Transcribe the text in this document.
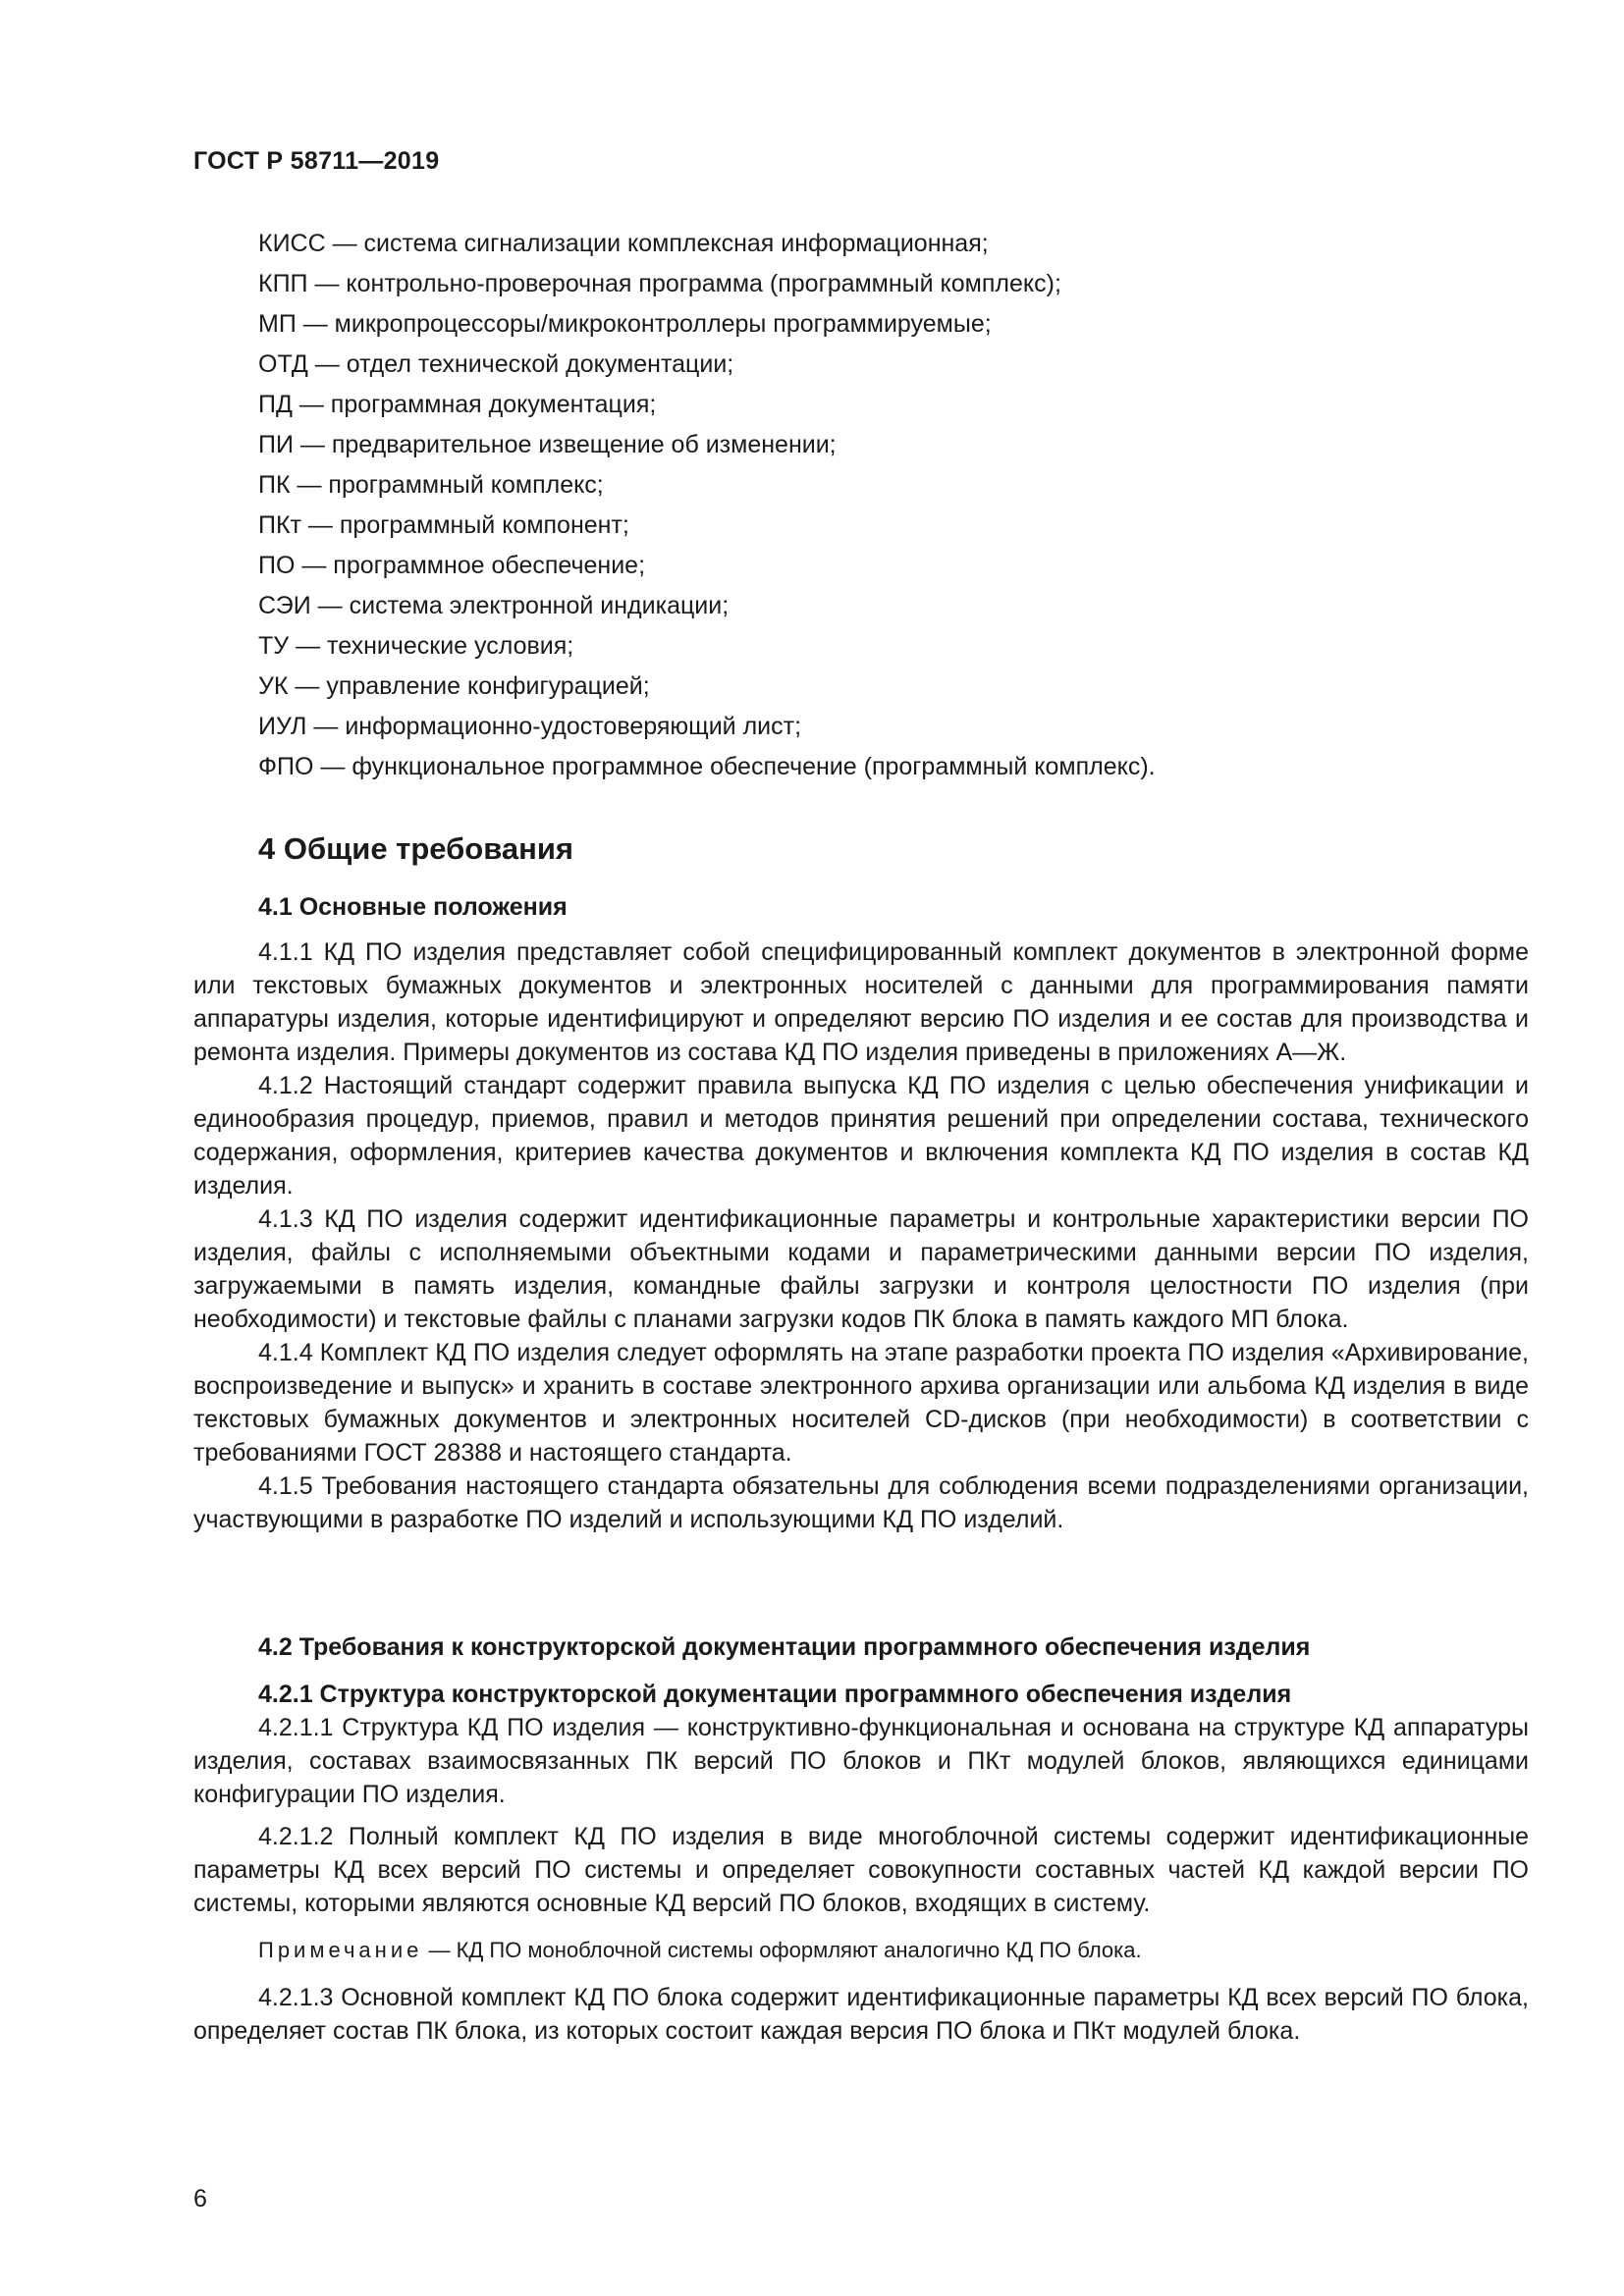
ГОСТ Р 58711—2019
КИСС — система сигнализации комплексная информационная;
КПП — контрольно-проверочная программа (программный комплекс);
МП — микропроцессоры/микроконтроллеры программируемые;
ОТД — отдел технической документации;
ПД — программная документация;
ПИ — предварительное извещение об изменении;
ПК — программный комплекс;
ПКт — программный компонент;
ПО — программное обеспечение;
СЭИ — система электронной индикации;
ТУ — технические условия;
УК — управление конфигурацией;
ИУЛ — информационно-удостоверяющий лист;
ФПО — функциональное программное обеспечение (программный комплекс).
4 Общие требования

4.1 Основные положения

4.1.1 КД ПО изделия представляет собой специфицированный комплект документов в электронной форме или текстовых бумажных документов и электронных носителей с данными для программирования памяти аппаратуры изделия, которые идентифицируют и определяют версию ПО изделия и ее состав для производства и ремонта изделия. Примеры документов из состава КД ПО изделия приведены в приложениях А—Ж.

4.1.2 Настоящий стандарт содержит правила выпуска КД ПО изделия с целью обеспечения унификации и единообразия процедур, приемов, правил и методов принятия решений при определении состава, технического содержания, оформления, критериев качества документов и включения комплекта КД ПО изделия в состав КД изделия.

4.1.3 КД ПО изделия содержит идентификационные параметры и контрольные характеристики версии ПО изделия, файлы с исполняемыми объектными кодами и параметрическими данными версии ПО изделия, загружаемыми в память изделия, командные файлы загрузки и контроля целостности ПО изделия (при необходимости) и текстовые файлы с планами загрузки кодов ПК блока в память каждого МП блока.

4.1.4 Комплект КД ПО изделия следует оформлять на этапе разработки проекта ПО изделия «Архивирование, воспроизведение и выпуск» и хранить в составе электронного архива организации или альбома КД изделия в виде текстовых бумажных документов и электронных носителей CD-дисков (при необходимости) в соответствии с требованиями ГОСТ 28388 и настоящего стандарта.

4.1.5 Требования настоящего стандарта обязательны для соблюдения всеми подразделениями организации, участвующими в разработке ПО изделий и использующими КД ПО изделий.

4.2 Требования к конструкторской документации программного обеспечения изделия

4.2.1 Структура конструкторской документации программного обеспечения изделия

4.2.1.1 Структура КД ПО изделия — конструктивно-функциональная и основана на структуре КД аппаратуры изделия, составах взаимосвязанных ПК версий ПО блоков и ПКт модулей блоков, являющихся единицами конфигурации ПО изделия.

4.2.1.2 Полный комплект КД ПО изделия в виде многоблочной системы содержит идентификационные параметры КД всех версий ПО системы и определяет совокупности составных частей КД каждой версии ПО системы, которыми являются основные КД версий ПО блоков, входящих в систему.

Примечание — КД ПО моноблочной системы оформляют аналогично КД ПО блока.

4.2.1.3 Основной комплект КД ПО блока содержит идентификационные параметры КД всех версий ПО блока, определяет состав ПК блока, из которых состоит каждая версия ПО блока и ПКт модулей блока.

6
